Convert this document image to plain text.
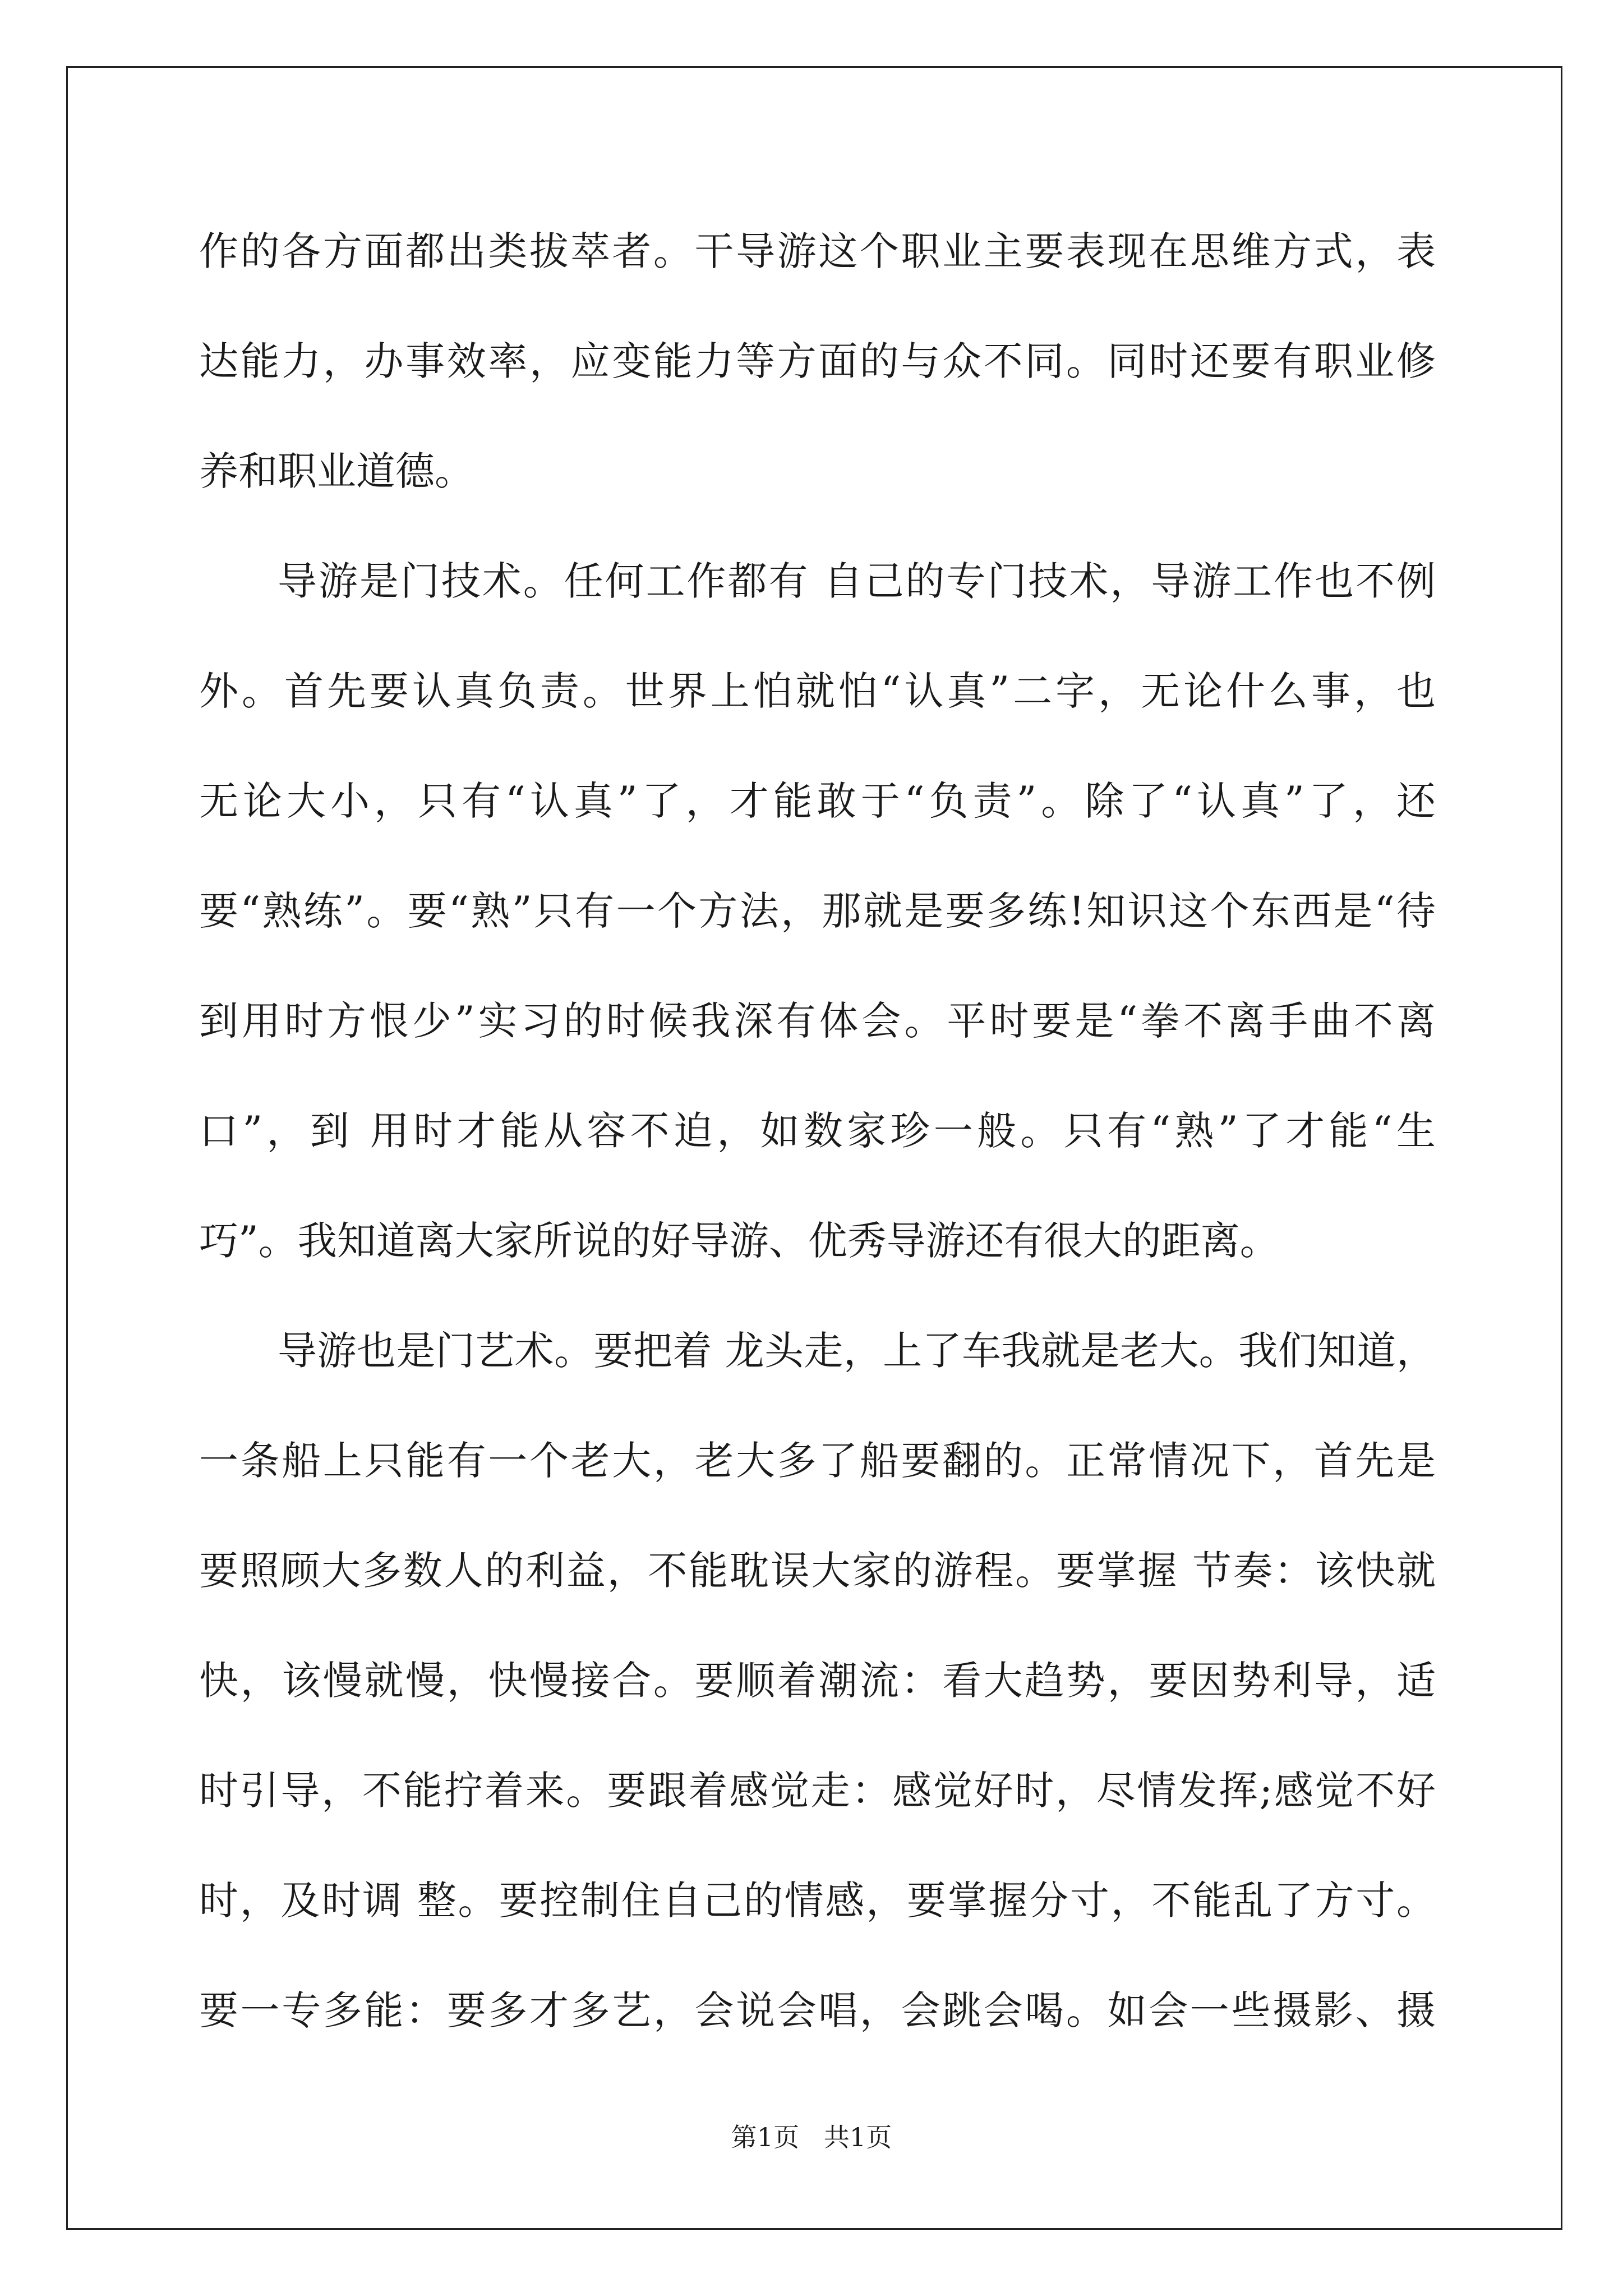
作的各方面都出类拔萃者。干导游这个职业主要表现在思维方式，表
达能力，办事效率，应变能力等方面的与众不同。同时还要有职业修
养和职业道德。
导游是门技术。任何工作都有 自己的专门技术，导游工作也不例
外。首先要认真负责。世界上怕就怕“认真”二字，无论什么事，也
无论大小，只有“认真”了，才能敢于“负责”。除了“认真”了，还
要“熟练”。要“熟”只有一个方法，那就是要多练!知识这个东西是“待
到用时方恨少”实习的时候我深有体会。平时要是“拳不离手曲不离
口”，到 用时才能从容不迫，如数家珍一般。只有“熟”了才能“生
巧”。我知道离大家所说的好导游、优秀导游还有很大的距离。
导游也是门艺术。要把着 龙头走，上了车我就是老大。我们知道，
一条船上只能有一个老大，老大多了船要翻的。正常情况下，首先是
要照顾大多数人的利益，不能耽误大家的游程。要掌握 节奏：该快就
快，该慢就慢，快慢接合。要顺着潮流：看大趋势，要因势利导，适
时引导，不能拧着来。要跟着感觉走：感觉好时，尽情发挥;感觉不好
时，及时调 整。要控制住自己的情感，要掌握分寸，不能乱了方寸。
要一专多能：要多才多艺，会说会唱，会跳会喝。如会一些摄影、摄
第1页   共1页
